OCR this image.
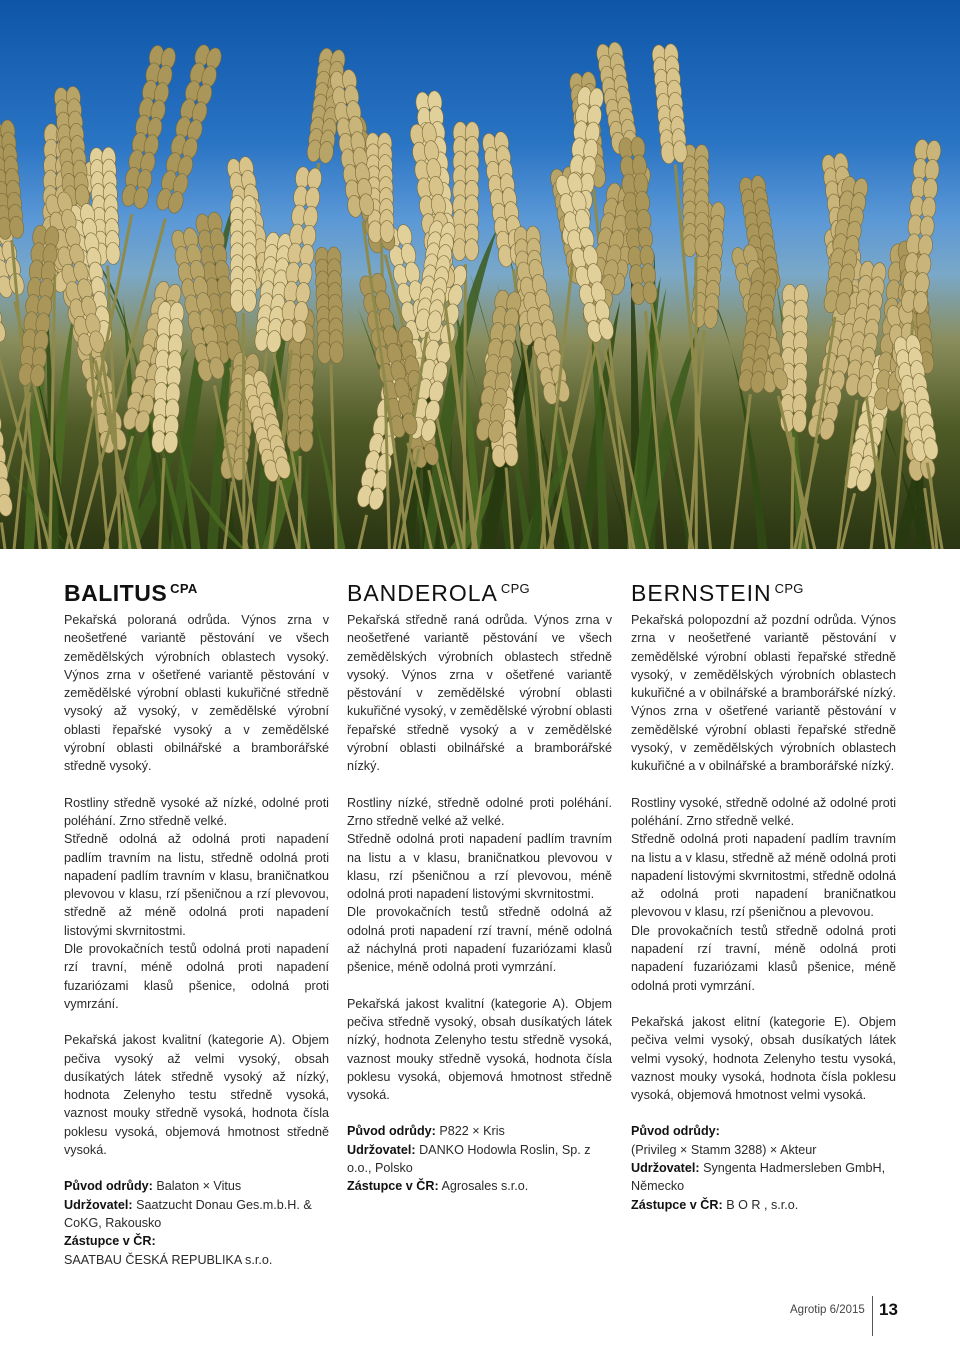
BALITUS $^{CPA}$

Pekařská poloraná odrůda. Výnos zrna v neošetřené variantě pěstování ve všech zemědělských výrobních oblastech vysoký. Výnos zrna v ošetřené variantě pěstování v zemědělské výrobní oblasti kukuřičné středně vysoký až vysoký, v zemědělské výrobní oblasti řepařské vysoký a v zemědělské výrobní oblasti obilnářské a bramborářské středně vysoký.

Rostliny středně vysoké až nízké, odolné proti poléhání. Zrno středně velké.

Středně odolná až odolná proti napadení padlím travním na listu, středně odolná proti napadení padlím travním v klasu, braničnatkou plevovou v klasu, rzí pšeničnou a rzí plevovou, středně až méně odolná proti napadení listovými skvrnitostmi.

Dle provokačních testů odolná proti napadení rzí travní, méně odolná proti napadení fuzariózami klasů pšenice, odolná proti vymrzání.

Pekařská jakost kvalitní (kategorie A). Objem pečiva vysoký až velmi vysoký, obsah dusíkatých látek středně vysoký až nízký, hodnota Zelenyho testu středně vysoká, vaznost mouky středně vysoká, hodnota čísla poklesu vysoká, objemová hmotnost středně vysoká.

Původ odrůdy: Balaton × Vitus
Udržovatel: Saatzucht Donau Ges.m.b.H. & CoKG, Rakousko
Zástupce v ČR:
SAATBAU ČESKÁ REPUBLIKA s.r.o.
BANDEROLA $^{CPG}$

Pekařská středně raná odrůda. Výnos zrna v neošetřené variantě pěstování ve všech zemědělských výrobních oblastech středně vysoký. Výnos zrna v ošetřené variantě pěstování v zemědělské výrobní oblasti kukuřičné vysoký, v zemědělské výrobní oblasti řepařské středně vysoký a v zemědělské výrobní oblasti obilnářské a bramborářské nízký.

Rostliny nízké, středně odolné proti poléhání. Zrno středně velké až velké.

Středně odolná proti napadení padlím travním na listu a v klasu, braničnatkou plevovou v klasu, rzí pšeničnou a rzí plevovou, méně odolná proti napadení listovými skvrnitostmi.

Dle provokačních testů středně odolná až odolná proti napadení rzí travní, méně odolná až náchylná proti napadení fuzariózami klasů pšenice, méně odolná proti vymrzání.

Pekařská jakost kvalitní (kategorie A). Objem pečiva středně vysoký, obsah dusíkatých látek nízký, hodnota Zelenyho testu středně vysoká, vaznost mouky středně vysoká, hodnota čísla poklesu vysoká, objemová hmotnost středně vysoká.

Původ odrůdy: P822 × Kris
Udržovatel: DANKO Hodowla Roslin, Sp. z o.o., Polsko
Zástupce v ČR: Agrosales s.r.o.
BERNSTEIN $^{CPG}$

Pekařská polopozdní až pozdní odrůda. Výnos zrna v neošetřené variantě pěstování v zemědělské výrobní oblasti řepařské středně vysoký, v zemědělských výrobních oblastech kukuřičné a v obilnářské a bramborářské nízký. Výnos zrna v ošetřené variantě pěstování v zemědělské výrobní oblasti řepařské středně vysoký, v zemědělských výrobních oblastech kukuřičné a v obilnářské a bramborářské nízký.

Rostliny vysoké, středně odolné až odolné proti poléhání. Zrno středně velké.

Středně odolná proti napadení padlím travním na listu a v klasu, středně až méně odolná proti napadení listovými skvrnitostmi, středně odolná až odolná proti napadení braničnatkou plevovou v klasu, rzí pšeničnou a plevovou.

Dle provokačních testů středně odolná proti napadení rzí travní, méně odolná proti napadení fuzariózami klasů pšenice, méně odolná proti vymrzání.

Pekařská jakost elitní (kategorie E). Objem pečiva velmi vysoký, obsah dusíkatých látek velmi vysoký, hodnota Zelenyho testu vysoká, vaznost mouky vysoká, hodnota čísla poklesu vysoká, objemová hmotnost velmi vysoká.

Původ odrůdy:
(Privileg × Stamm 3288) × Akteur
Udržovatel: Syngenta Hadmersleben GmbH, Německo
Zástupce v ČR: B O R , s.r.o.
Agrotip 6/2015 13
